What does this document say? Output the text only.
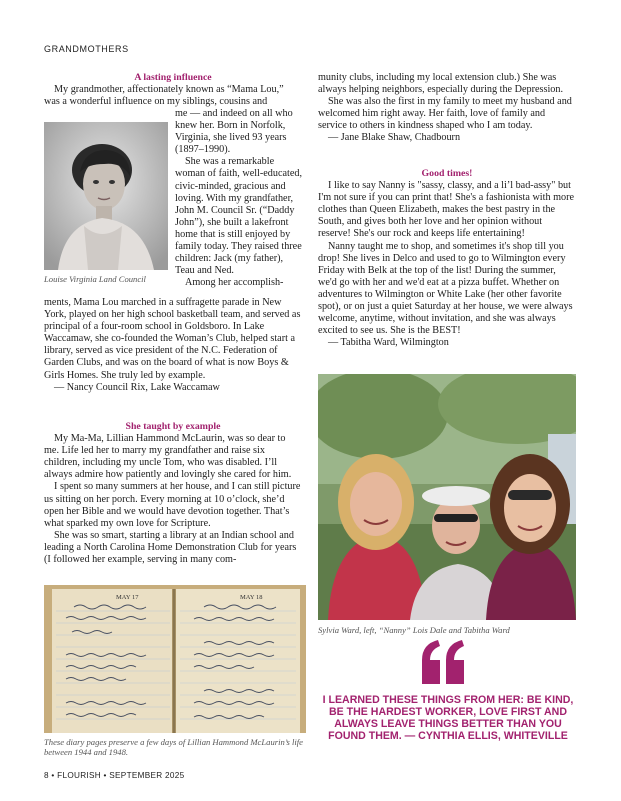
GRANDMOTHERS

A lasting influence

My grandmother, affectionately known as “Mama Lou,” was a wonderful influence on my siblings, cousins and

Louise Virginia Land Council

me — and indeed on all who knew her. Born in Norfolk, Virginia, she lived 93 years (1897–1990).

She was a remarkable woman of faith, well-educated, civic-minded, gracious and loving. With my grandfather, John M. Council Sr. (“Daddy John”), she built a lakefront home that is still enjoyed by family today. They raised three children: Jack (my father), Teau and Ned.

Among her accomplish-

ments, Mama Lou marched in a suffragette parade in New York, played on her high school basketball team, and served as principal of a four-room school in Goldsboro. In Lake Waccamaw, she co-founded the Woman’s Club, helped start a library, served as vice president of the N.C. Federation of Garden Clubs, and was on the board of what is now Boys & Girls Homes. She truly led by example.

— Nancy Council Rix, Lake Waccamaw

She taught by example

My Ma-Ma, Lillian Hammond McLaurin, was so dear to me. Life led her to marry my grandfather and raise six children, including my uncle Tom, who was disabled. I’ll always admire how patiently and lovingly she cared for him.

I spent so many summers at her house, and I can still picture us sitting on her porch. Every morning at 10 o’clock, she’d open her Bible and we would have devotion together. That’s what sparked my own love for Scripture.

She was so smart, starting a library at an Indian school and leading a North Carolina Home Demonstration Club for years (I followed her example, serving in many com-

MAY 17	MAY 18
These diary pages preserve a few days of Lillian Hammond McLaurin’s life between 1944 and 1948.

munity clubs, including my local extension club.) She was always helping neighbors, especially during the Depression.

She was also the first in my family to meet my husband and welcomed him right away. Her faith, love of family and service to others in kindness shaped who I am today.

— Jane Blake Shaw, Chadbourn

Good times!

I like to say Nanny is "sassy, classy, and a li’l bad-assy" but I'm not sure if you can print that! She's a fashionista with more clothes than Queen Elizabeth, makes the best pastry in the South, and gives both her love and her opinion without reserve! She's our rock and keeps life entertaining!

Nanny taught me to shop, and sometimes it's shop till you drop! She lives in Delco and used to go to Wilmington every Friday with Belk at the top of the list! During the summer, we'd go with her and we'd eat at a pizza buffet. Whether on adventures to Wilmington or White Lake (her other favorite spot), or on just a quiet Saturday at her house, we were always welcome, anytime, without invitation, and she was always excited to see us. She is the BEST!

— Tabitha Ward, Wilmington

Sylvia Ward, left, “Nanny” Lois Dale and Tabitha Ward
I LEARNED THESE THINGS FROM HER: BE KIND, BE THE HARDEST WORKER, LOVE FIRST AND ALWAYS LEAVE THINGS BETTER THAN YOU FOUND THEM. — CYNTHIA ELLIS, WHITEVILLE
8 • FLOURISH • SEPTEMBER 2025
